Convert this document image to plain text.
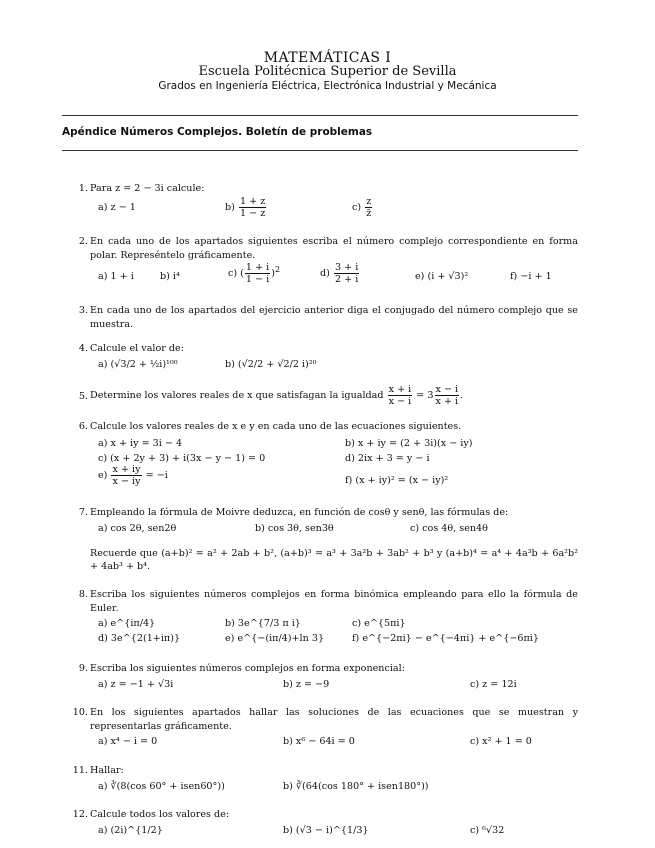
MATEMÁTICAS I
Escuela Politécnica Superior de Sevilla
Grados en Ingeniería Eléctrica, Electrónica Industrial y Mecánica
Apéndice Números Complejos. Boletín de problemas
1. Para z = 2 − 3i calcule:
a) z − 1	$b) \frac{1 + z}{1 - z}$	$c) \frac{z}{z̄}$
2. En cada uno de los apartados siguientes escriba el número complejo correspondiente en forma polar. Represéntelo gráficamente.
a) 1 + i	b) i⁴	c) ( $\frac{1 + i}{1 - i} )^2$	$d) \frac{3 + i}{2 + i}$	e) (i + √3)²	f) −i + 1
3. En cada uno de los apartados del ejercicio anterior diga el conjugado del número complejo que se muestra.
4. Calcule el valor de:
a) (√3/2 + ½i)¹⁰⁰	b) (√2/2 + √2/2 i)²⁰
5. Determine los valores reales de x que satisfagan la igualdad $\frac{x + i}{x - i} = 3 \frac{x - i}{x + i}$ .
6. Calcule los valores reales de x e y en cada uno de las ecuaciones siguientes.
a) x + iy = 3i − 4	b) x + iy = (2 + 3i)(x − iy)
c) (x + 2y + 3) + i(3x − y − 1) = 0	d) 2ix + 3 = y − i
$e) \frac{x + iy}{x - iy} = -i$	f) (x + iy)² = (x − iy)²
7. Empleando la fórmula de Moivre deduzca, en función de cosθ y senθ, las fórmulas de:
a) cos 2θ, sen2θ	b) cos 3θ, sen3θ	c) cos 4θ, sen4θ
Recuerde que (a+b)² = a² + 2ab + b², (a+b)³ = a³ + 3a²b + 3ab² + b³ y (a+b)⁴ = a⁴ + 4a³b + 6a²b² + 4ab³ + b⁴.
8. Escriba los siguientes números complejos en forma binómica empleando para ello la fórmula de Euler.
a) e^{iπ/4}	b) 3e^{7/3 π i}	c) e^{5πi}
d) 3e^{2(1+iπ)}	e) e^{−(iπ/4)+ln 3}	f) e^{−2πi} − e^{−4πi} + e^{−6πi}
9. Escriba los siguientes números complejos en forma exponencial:
a) z = −1 + √3i	b) z = −9	c) z = 12i
10. En los siguientes apartados hallar las soluciones de las ecuaciones que se muestran y representarlas gráficamente.
a) x⁴ − i = 0	b) x⁶ − 64i = 0	c) x² + 1 = 0
11. Hallar:
a) ∛(8(cos 60° + isen60°))	b) ∛(64(cos 180° + isen180°))
12. Calcule todos los valores de:
a) (2i)^{1/2}	b) (√3 − i)^{1/3}	c) ⁶√32
